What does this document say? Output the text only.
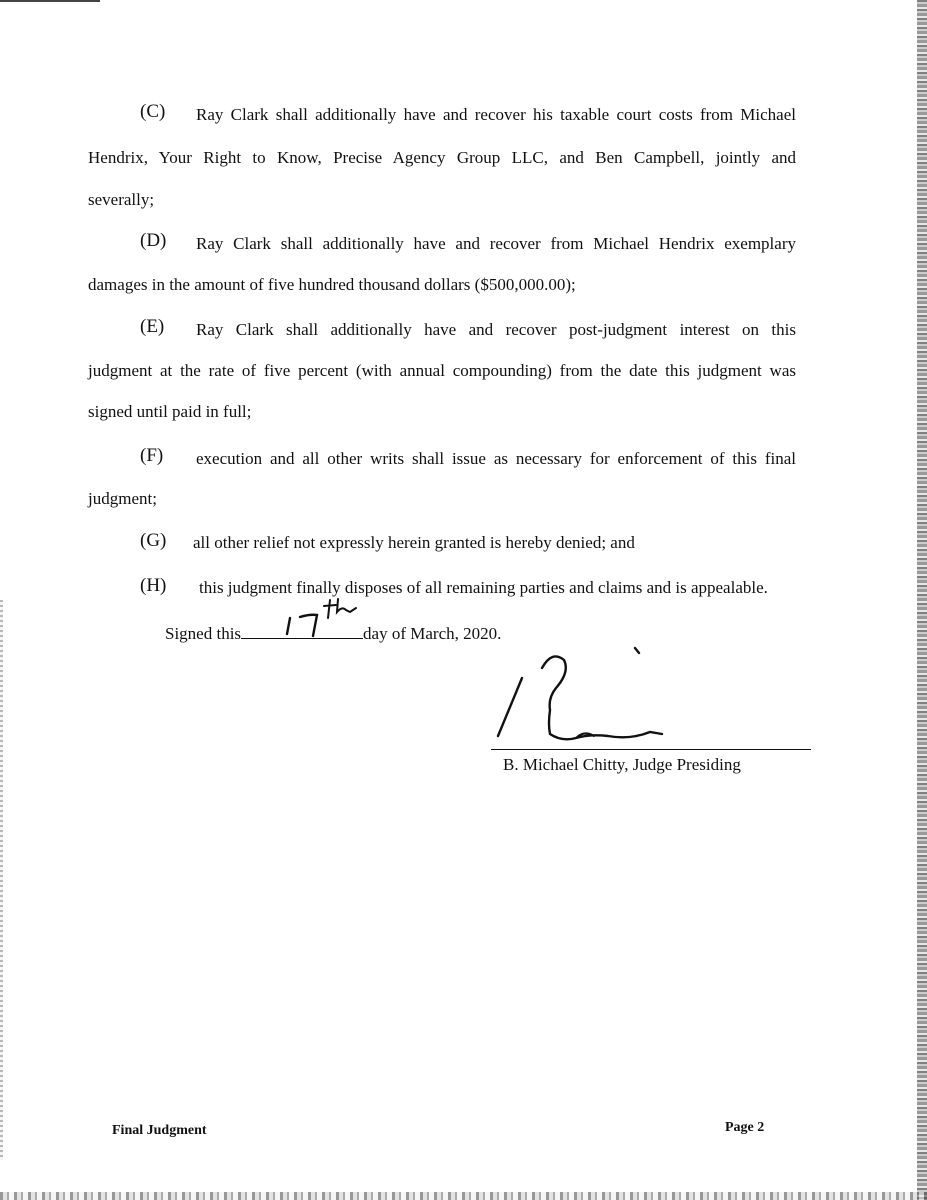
(C) Ray Clark shall additionally have and recover his taxable court costs from Michael
Hendrix, Your Right to Know, Precise Agency Group LLC, and Ben Campbell, jointly and
severally;
(D) Ray Clark shall additionally have and recover from Michael Hendrix exemplary
damages in the amount of five hundred thousand dollars ($500,000.00);
(E) Ray Clark shall additionally have and recover post-judgment interest on this
judgment at the rate of five percent (with annual compounding) from the date this judgment was
signed until paid in full;
(F) execution and all other writs shall issue as necessary for enforcement of this final
judgment;
(G) all other relief not expressly herein granted is hereby denied; and
(H) this judgment finally disposes of all remaining parties and claims and is appealable.
Signed this	day of March, 2020.
B. Michael Chitty, Judge Presiding
Final Judgment	Page 2
